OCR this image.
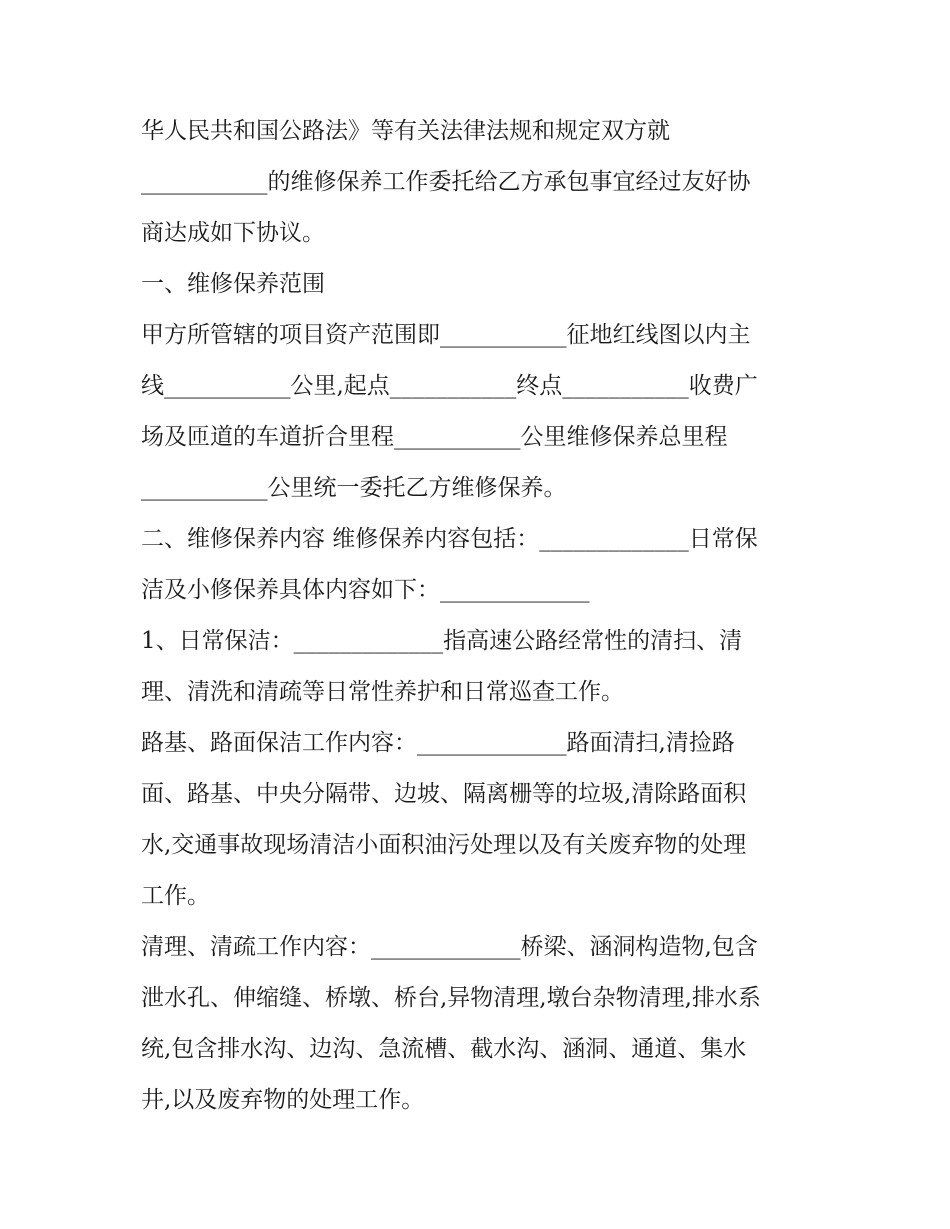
华人民共和国公路法》等有关法律法规和规定双方就
___________的维修保养工作委托给乙方承包事宜经过友好协
商达成如下协议。
一、维修保养范围
甲方所管辖的项目资产范围即___________征地红线图以内主
线___________公里,起点___________终点___________收费广
场及匝道的车道折合里程___________公里维修保养总里程
___________公里统一委托乙方维修保养。
二、维修保养内容 维修保养内容包括：_____________日常保
洁及小修保养具体内容如下：_____________
1、日常保洁：_____________指高速公路经常性的清扫、清
理、清洗和清疏等日常性养护和日常巡查工作。
路基、路面保洁工作内容：_____________路面清扫,清捡路
面、路基、中央分隔带、边坡、隔离栅等的垃圾,清除路面积
水,交通事故现场清洁小面积油污处理以及有关废弃物的处理
工作。
清理、清疏工作内容：_____________桥梁、涵洞构造物,包含
泄水孔、伸缩缝、桥墩、桥台,异物清理,墩台杂物清理,排水系
统,包含排水沟、边沟、急流槽、截水沟、涵洞、通道、集水
井,以及废弃物的处理工作。
